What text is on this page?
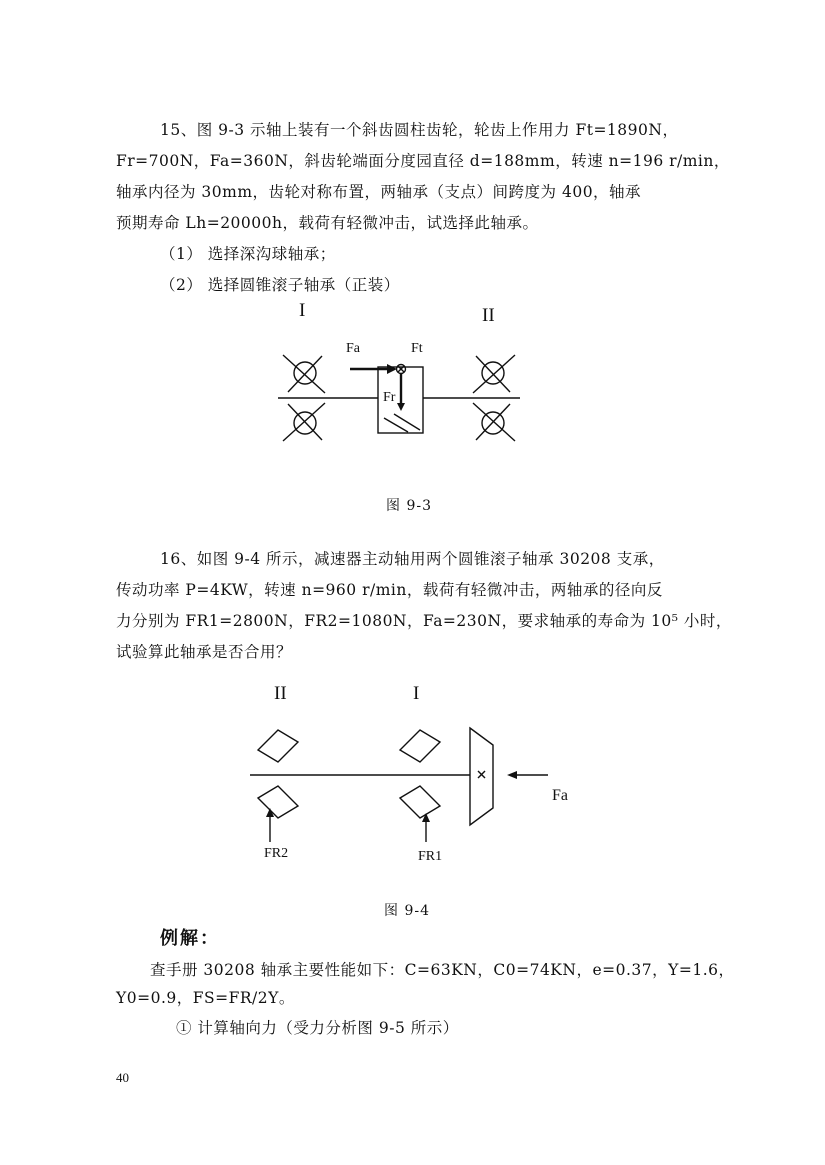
15、图 9-3 示轴上装有一个斜齿圆柱齿轮，轮齿上作用力 Ft=1890N，
Fr=700N，Fa=360N，斜齿轮端面分度园直径 d=188mm，转速 n=196 r/min，
轴承内径为 30mm，齿轮对称布置，两轴承（支点）间跨度为 400，轴承
预期寿命 Lh=20000h，载荷有轻微冲击，试选择此轴承。
（1） 选择深沟球轴承；
（2） 选择圆锥滚子轴承（正装）
I	II
Fa	Ft
Fr
图 9-3
16、如图 9-4 所示，减速器主动轴用两个圆锥滚子轴承 30208 支承，
传动功率 P=4KW，转速 n=960 r/min，载荷有轻微冲击，两轴承的径向反
力分别为 FR1=2800N，FR2=1080N，Fa=230N，要求轴承的寿命为 10⁵ 小时，
试验算此轴承是否合用？
II	I
Fa
FR2	FR1
图 9-4
例解：
查手册 30208 轴承主要性能如下：C=63KN，C0=74KN，e=0.37，Y=1.6，
Y0=0.9，FS=FR/2Y。
① 计算轴向力（受力分析图 9-5 所示）
40
